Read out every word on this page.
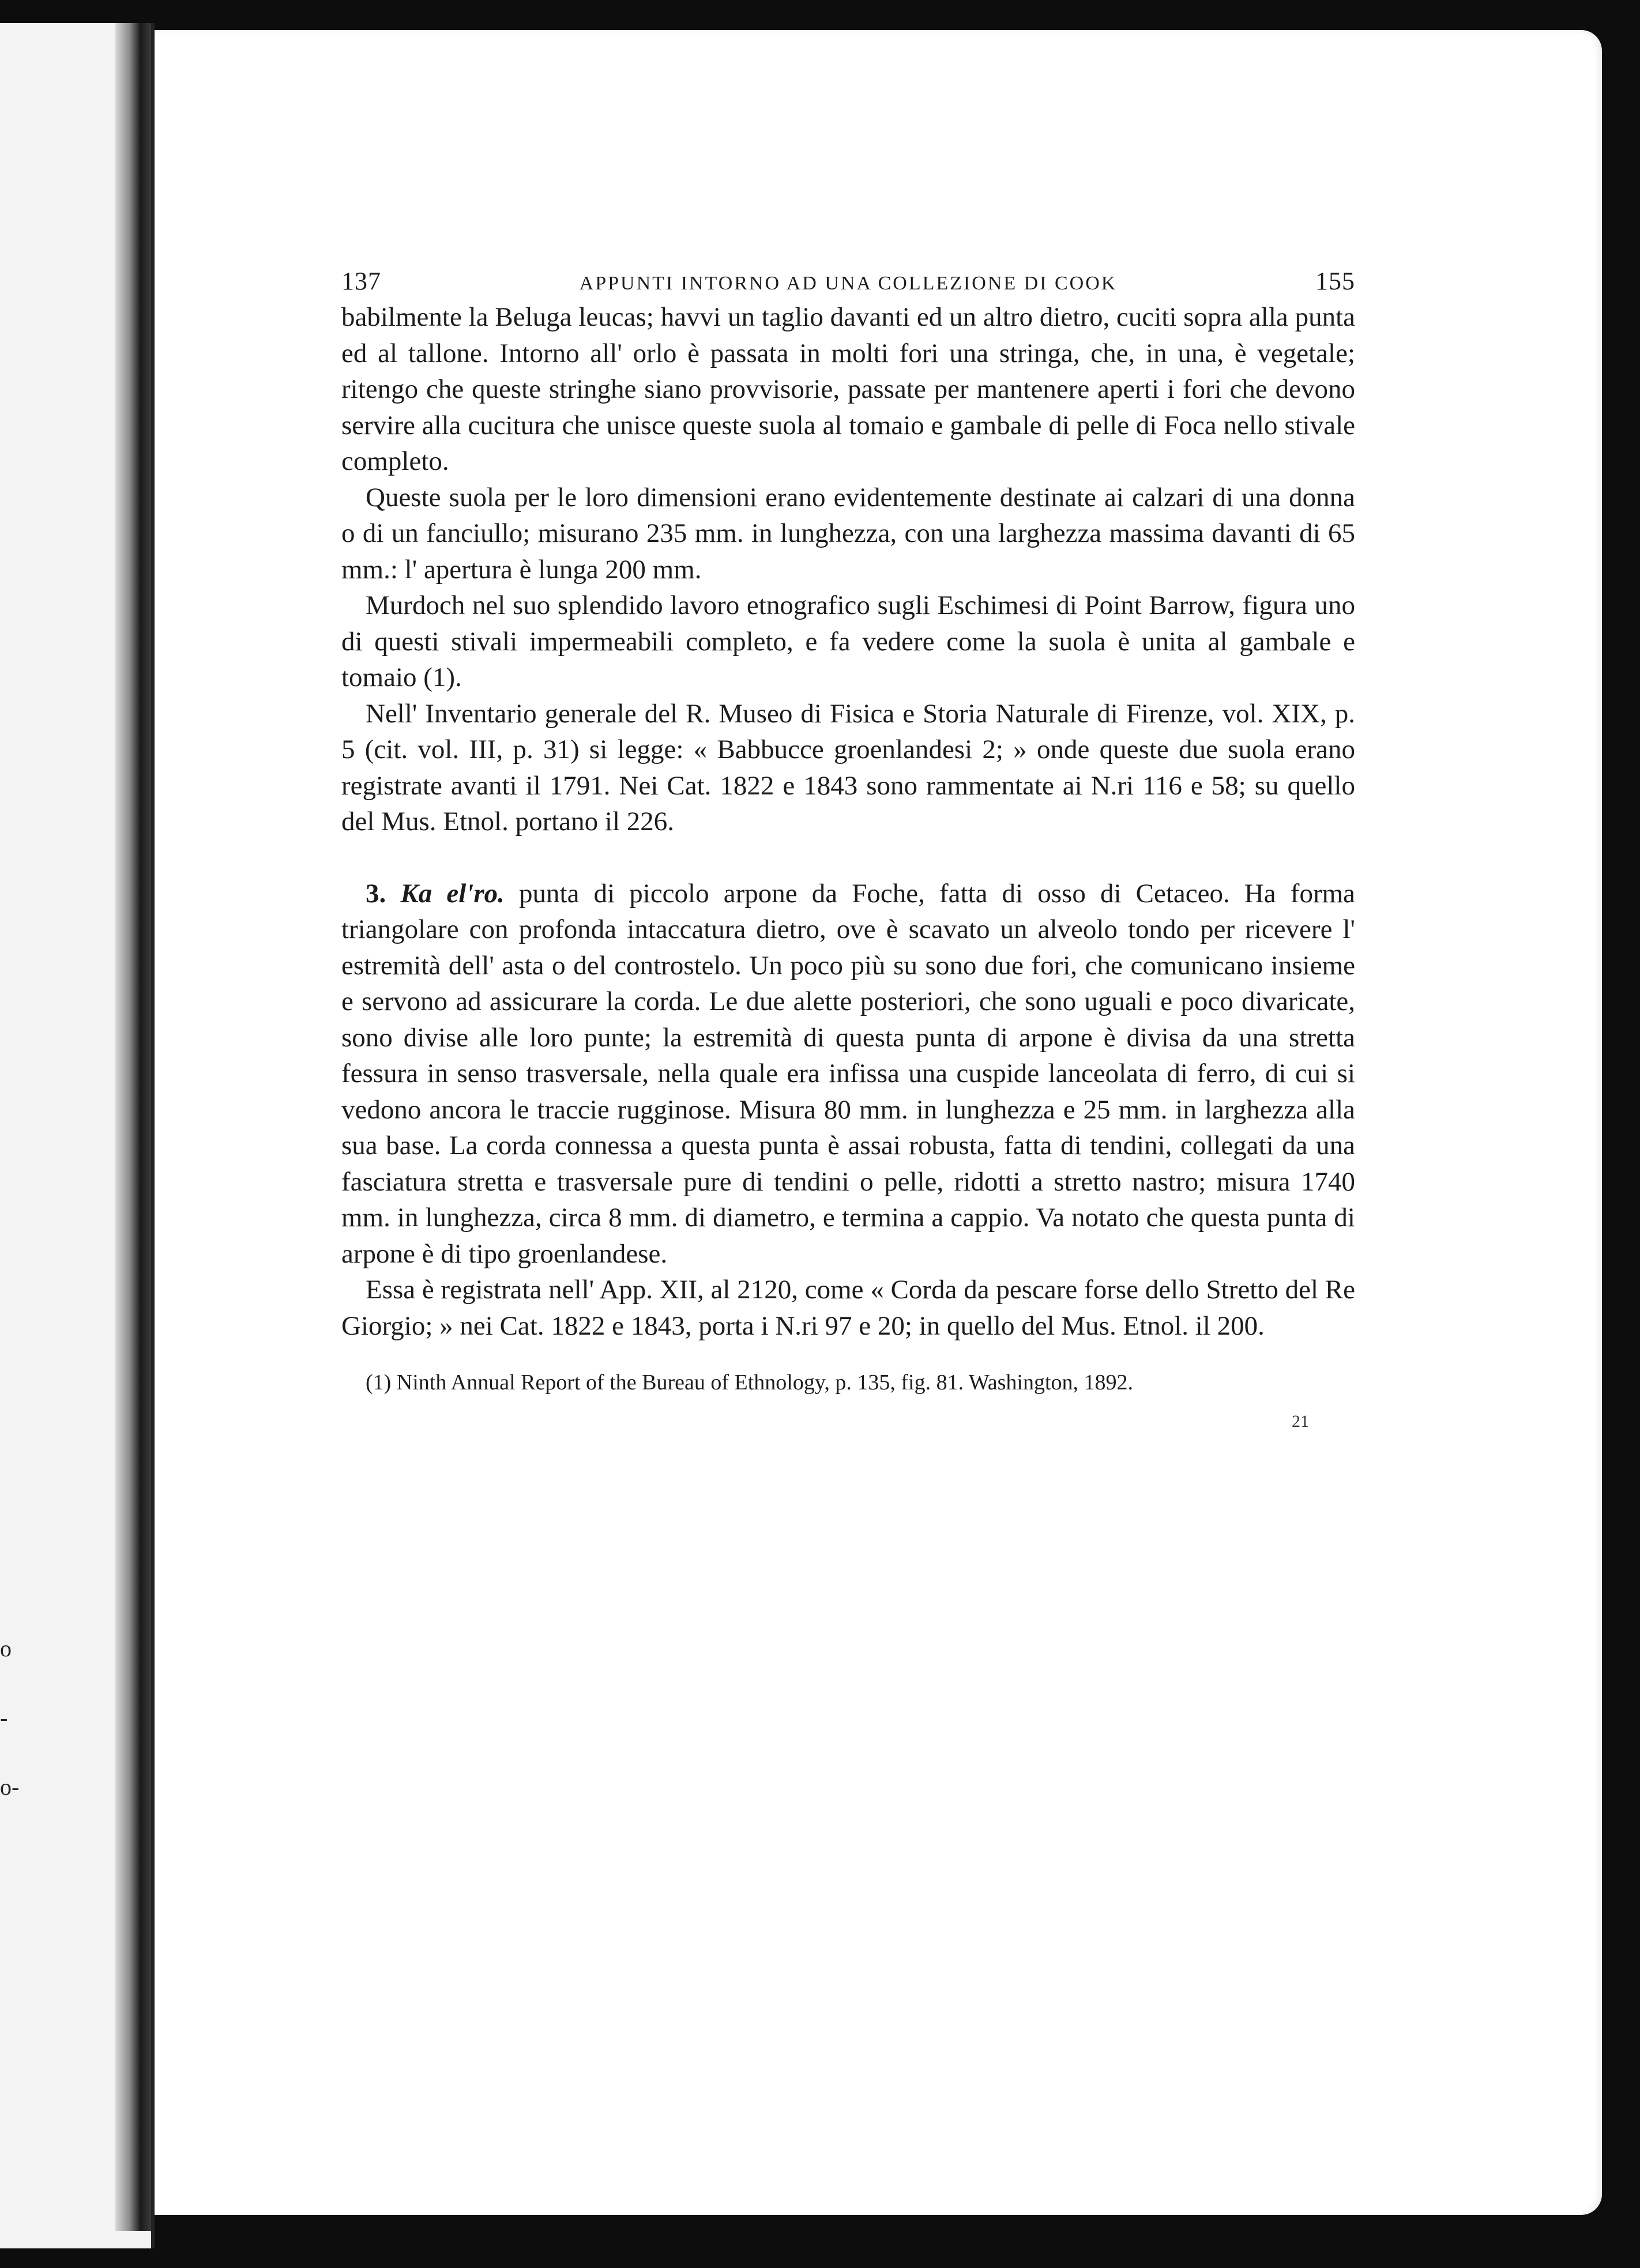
o
-
o-
137	APPUNTI INTORNO AD UNA COLLEZIONE DI COOK	155

babilmente la Beluga leucas; havvi un taglio davanti ed un altro dietro, cuciti sopra alla punta ed al tallone. Intorno all' orlo è passata in molti fori una stringa, che, in una, è vegetale; ritengo che queste stringhe siano provvisorie, passate per mantenere aperti i fori che devono servire alla cucitura che unisce queste suola al tomaio e gambale di pelle di Foca nello stivale completo.

Queste suola per le loro dimensioni erano evidentemente destinate ai calzari di una donna o di un fanciullo; misurano 235 mm. in lunghezza, con una larghezza massima davanti di 65 mm.: l' apertura è lunga 200 mm.

Murdoch nel suo splendido lavoro etnografico sugli Eschimesi di Point Barrow, figura uno di questi stivali impermeabili completo, e fa vedere come la suola è unita al gambale e tomaio (1).

Nell' Inventario generale del R. Museo di Fisica e Storia Naturale di Firenze, vol. XIX, p. 5 (cit. vol. III, p. 31) si legge: « Babbucce groenlandesi 2; » onde queste due suola erano registrate avanti il 1791. Nei Cat. 1822 e 1843 sono rammentate ai N.ri 116 e 58; su quello del Mus. Etnol. portano il 226.

3. Ka el'ro. punta di piccolo arpone da Foche, fatta di osso di Cetaceo. Ha forma triangolare con profonda intaccatura dietro, ove è scavato un alveolo tondo per ricevere l' estremità dell' asta o del controstelo. Un poco più su sono due fori, che comunicano insieme e servono ad assicurare la corda. Le due alette posteriori, che sono uguali e poco divaricate, sono divise alle loro punte; la estremità di questa punta di arpone è divisa da una stretta fessura in senso trasversale, nella quale era infissa una cuspide lanceolata di ferro, di cui si vedono ancora le traccie rugginose. Misura 80 mm. in lunghezza e 25 mm. in larghezza alla sua base. La corda connessa a questa punta è assai robusta, fatta di tendini, collegati da una fasciatura stretta e trasversale pure di tendini o pelle, ridotti a stretto nastro; misura 1740 mm. in lunghezza, circa 8 mm. di diametro, e termina a cappio. Va notato che questa punta di arpone è di tipo groenlandese.

Essa è registrata nell' App. XII, al 2120, come « Corda da pescare forse dello Stretto del Re Giorgio; » nei Cat. 1822 e 1843, porta i N.ri 97 e 20; in quello del Mus. Etnol. il 200.

(1) Ninth Annual Report of the Bureau of Ethnology, p. 135, fig. 81. Washington, 1892.

21
